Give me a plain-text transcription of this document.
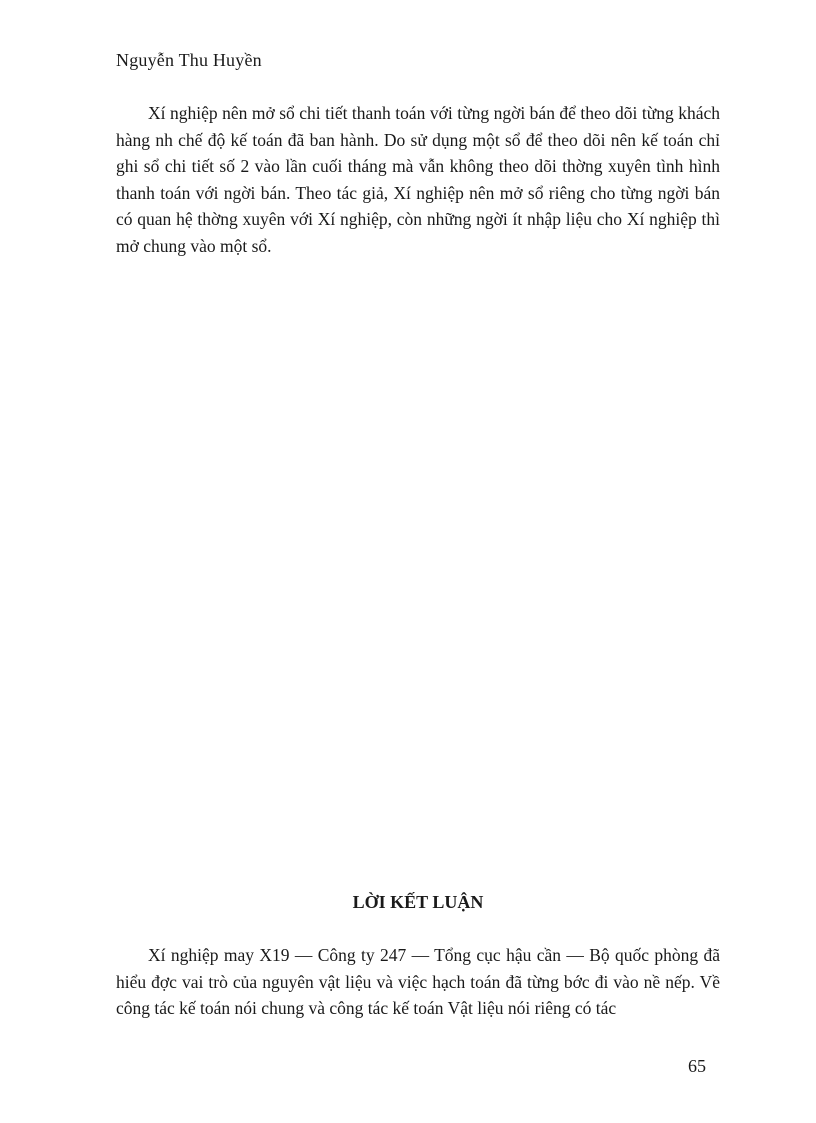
Nguyễn Thu Huyền

Xí nghiệp nên mở sổ chi tiết thanh toán với từng ngời bán để theo dõi từng khách hàng nh chế độ kế toán đã ban hành. Do sử dụng một sổ để theo dõi nên kế toán chỉ ghi sổ chi tiết số 2 vào lần cuối tháng mà vẫn không theo dõi thờng xuyên tình hình thanh toán với ngời bán. Theo tác giả, Xí nghiệp nên mở sổ riêng cho từng ngời bán có quan hệ thờng xuyên với Xí nghiệp, còn những ngời ít nhập liệu cho Xí nghiệp thì mở chung vào một sổ.

LỜI KẾT LUẬN

Xí nghiệp may X19 — Công ty 247 — Tổng cục hậu cần — Bộ quốc phòng đã hiểu đợc vai trò của nguyên vật liệu và việc hạch toán đã từng bớc đi vào nề nếp. Về công tác kế toán nói chung và công tác kế toán Vật liệu nói riêng có tác

65
